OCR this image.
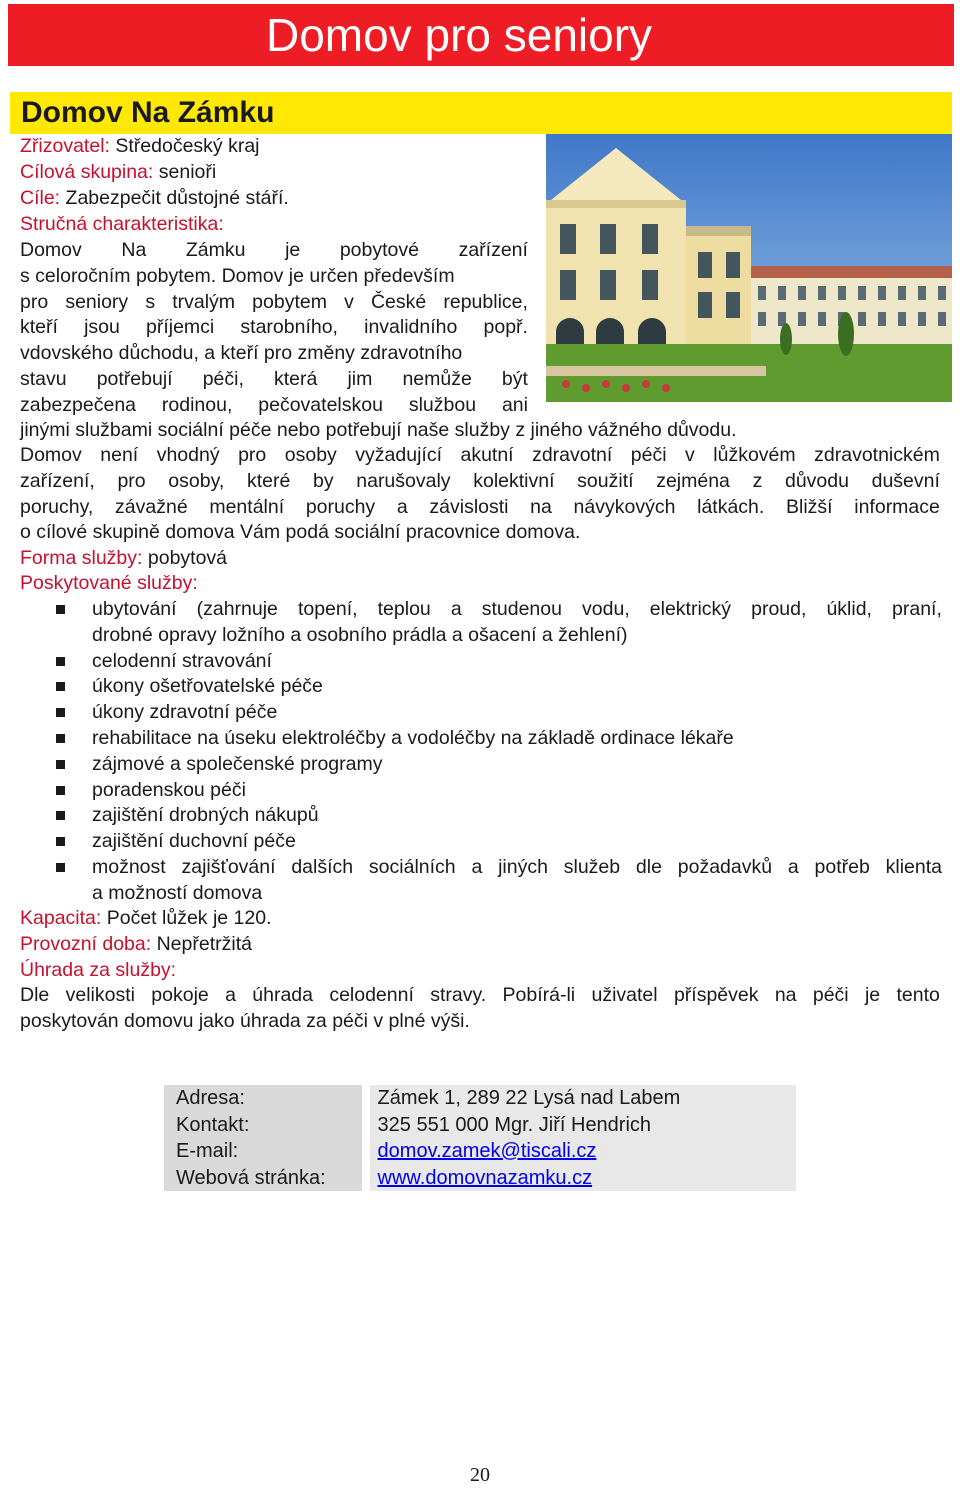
Domov pro seniory
Domov Na Zámku
Zřizovatel: Středočeský kraj
Cílová skupina: senioři
Cíle: Zabezpečit důstojné stáří.
Stručná charakteristika:
Domov Na Zámku je pobytové zařízení
s celoročním pobytem. Domov je určen především
pro seniory s trvalým pobytem v České republice,
kteří jsou příjemci starobního, invalidního popř.
vdovského důchodu, a kteří pro změny zdravotního
stavu potřebují péči, která jim nemůže být
zabezpečena rodinou, pečovatelskou službou ani
jinými službami sociální péče nebo potřebují naše služby z jiného vážného důvodu.
Domov není vhodný pro osoby vyžadující akutní zdravotní péči v lůžkovém zdravotnickém
zařízení, pro osoby, které by narušovaly kolektivní soužití zejména z důvodu duševní
poruchy, závažné mentální poruchy a závislosti na návykových látkách. Bližší informace
o cílové skupině domova Vám podá sociální pracovnice domova.
Forma služby: pobytová
Poskytované služby:
ubytování (zahrnuje topení, teplou a studenou vodu, elektrický proud, úklid, praní,
drobné opravy ložního a osobního prádla a ošacení a žehlení)
celodenní stravování
úkony ošetřovatelské péče
úkony zdravotní péče
rehabilitace na úseku elektroléčby a vodoléčby na základě ordinace lékaře
zájmové a společenské programy
poradenskou péči
zajištění drobných nákupů
zajištění duchovní péče
možnost zajišťování dalších sociálních a jiných služeb dle požadavků a potřeb klienta
a možností domova
Kapacita: Počet lůžek je 120.
Provozní doba: Nepřetržitá
Úhrada za služby:
Dle velikosti pokoje a úhrada celodenní stravy. Pobírá-li uživatel příspěvek na péči je tento
poskytován domovu jako úhrada za péči v plné výši.
Adresa:	Zámek 1, 289 22 Lysá nad Labem
Kontakt:	325 551 000 Mgr. Jiří Hendrich
E-mail:	domov.zamek@tiscali.cz
Webová stránka:	www.domovnazamku.cz
20
